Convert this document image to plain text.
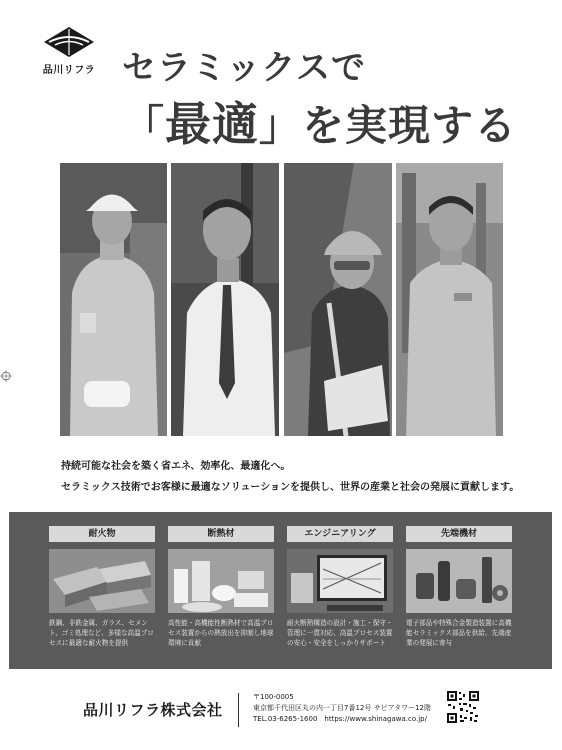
品川リフラ セラミックスで
「最適」を実現する
持続可能な社会を築く省エネ、効率化、最適化へ。
セラミックス技術でお客様に最適なソリューションを提供し、世界の産業と社会の発展に貢献します。
耐火物
鉄鋼、非鉄金属、ガラス、セメント、ゴミ処理など、多様な高温プロセスに最適な耐火物を提供
断熱材
高性能・高機能性断熱材で高温プロセス装置からの熱放出を抑制し地球環境に貢献
エンジニアリング
耐火断熱構造の設計・施工・保守・管理に一貫対応、高温プロセス装置の安心・安全をしっかりサポート
先端機材
電子部品や特殊合金製造装置に高機能セラミックス部品を供給、先端産業の発展に寄与
品川リフラ株式会社
〒100-0005
東京都千代田区丸の内一丁目7番12号 サピアタワー12階
TEL.03-6265-1600　https://www.shinagawa.co.jp/
